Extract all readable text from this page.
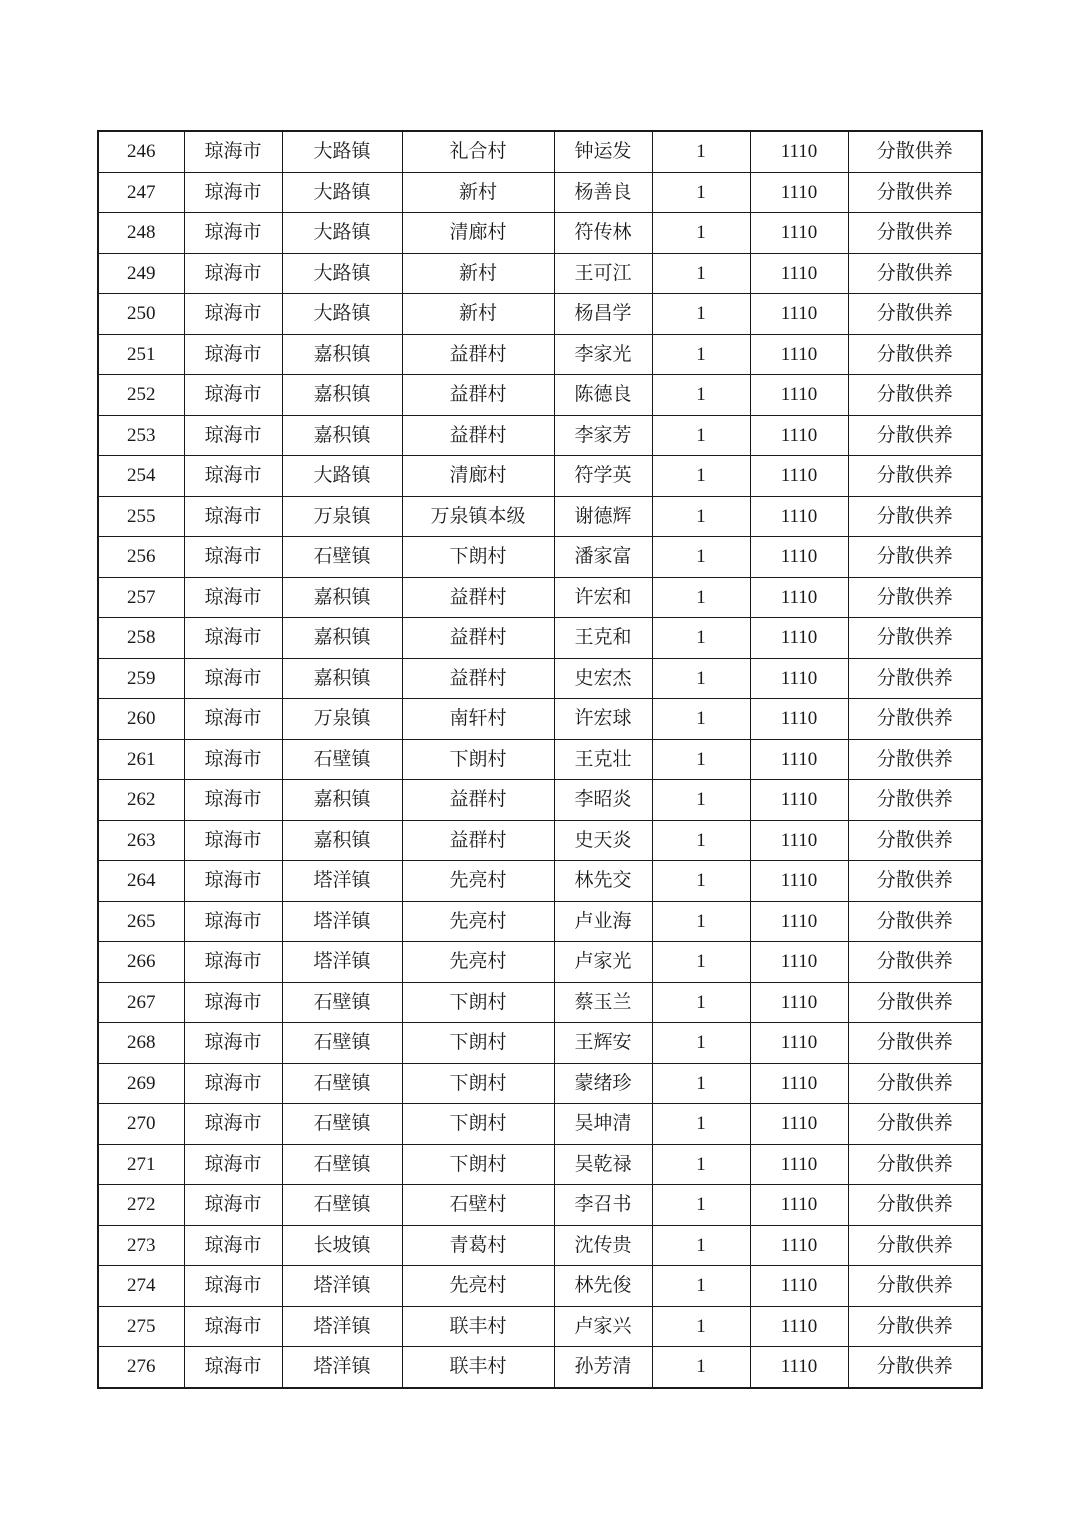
246	琼海市	大路镇	礼合村	钟运发	1	1110	分散供养
247	琼海市	大路镇	新村	杨善良	1	1110	分散供养
248	琼海市	大路镇	清廊村	符传林	1	1110	分散供养
249	琼海市	大路镇	新村	王可江	1	1110	分散供养
250	琼海市	大路镇	新村	杨昌学	1	1110	分散供养
251	琼海市	嘉积镇	益群村	李家光	1	1110	分散供养
252	琼海市	嘉积镇	益群村	陈德良	1	1110	分散供养
253	琼海市	嘉积镇	益群村	李家芳	1	1110	分散供养
254	琼海市	大路镇	清廊村	符学英	1	1110	分散供养
255	琼海市	万泉镇	万泉镇本级	谢德辉	1	1110	分散供养
256	琼海市	石壁镇	下朗村	潘家富	1	1110	分散供养
257	琼海市	嘉积镇	益群村	许宏和	1	1110	分散供养
258	琼海市	嘉积镇	益群村	王克和	1	1110	分散供养
259	琼海市	嘉积镇	益群村	史宏杰	1	1110	分散供养
260	琼海市	万泉镇	南轩村	许宏球	1	1110	分散供养
261	琼海市	石壁镇	下朗村	王克壮	1	1110	分散供养
262	琼海市	嘉积镇	益群村	李昭炎	1	1110	分散供养
263	琼海市	嘉积镇	益群村	史天炎	1	1110	分散供养
264	琼海市	塔洋镇	先亮村	林先交	1	1110	分散供养
265	琼海市	塔洋镇	先亮村	卢业海	1	1110	分散供养
266	琼海市	塔洋镇	先亮村	卢家光	1	1110	分散供养
267	琼海市	石壁镇	下朗村	蔡玉兰	1	1110	分散供养
268	琼海市	石壁镇	下朗村	王辉安	1	1110	分散供养
269	琼海市	石壁镇	下朗村	蒙绪珍	1	1110	分散供养
270	琼海市	石壁镇	下朗村	吴坤清	1	1110	分散供养
271	琼海市	石壁镇	下朗村	吴乾禄	1	1110	分散供养
272	琼海市	石壁镇	石壁村	李召书	1	1110	分散供养
273	琼海市	长坡镇	青葛村	沈传贵	1	1110	分散供养
274	琼海市	塔洋镇	先亮村	林先俊	1	1110	分散供养
275	琼海市	塔洋镇	联丰村	卢家兴	1	1110	分散供养
276	琼海市	塔洋镇	联丰村	孙芳清	1	1110	分散供养
